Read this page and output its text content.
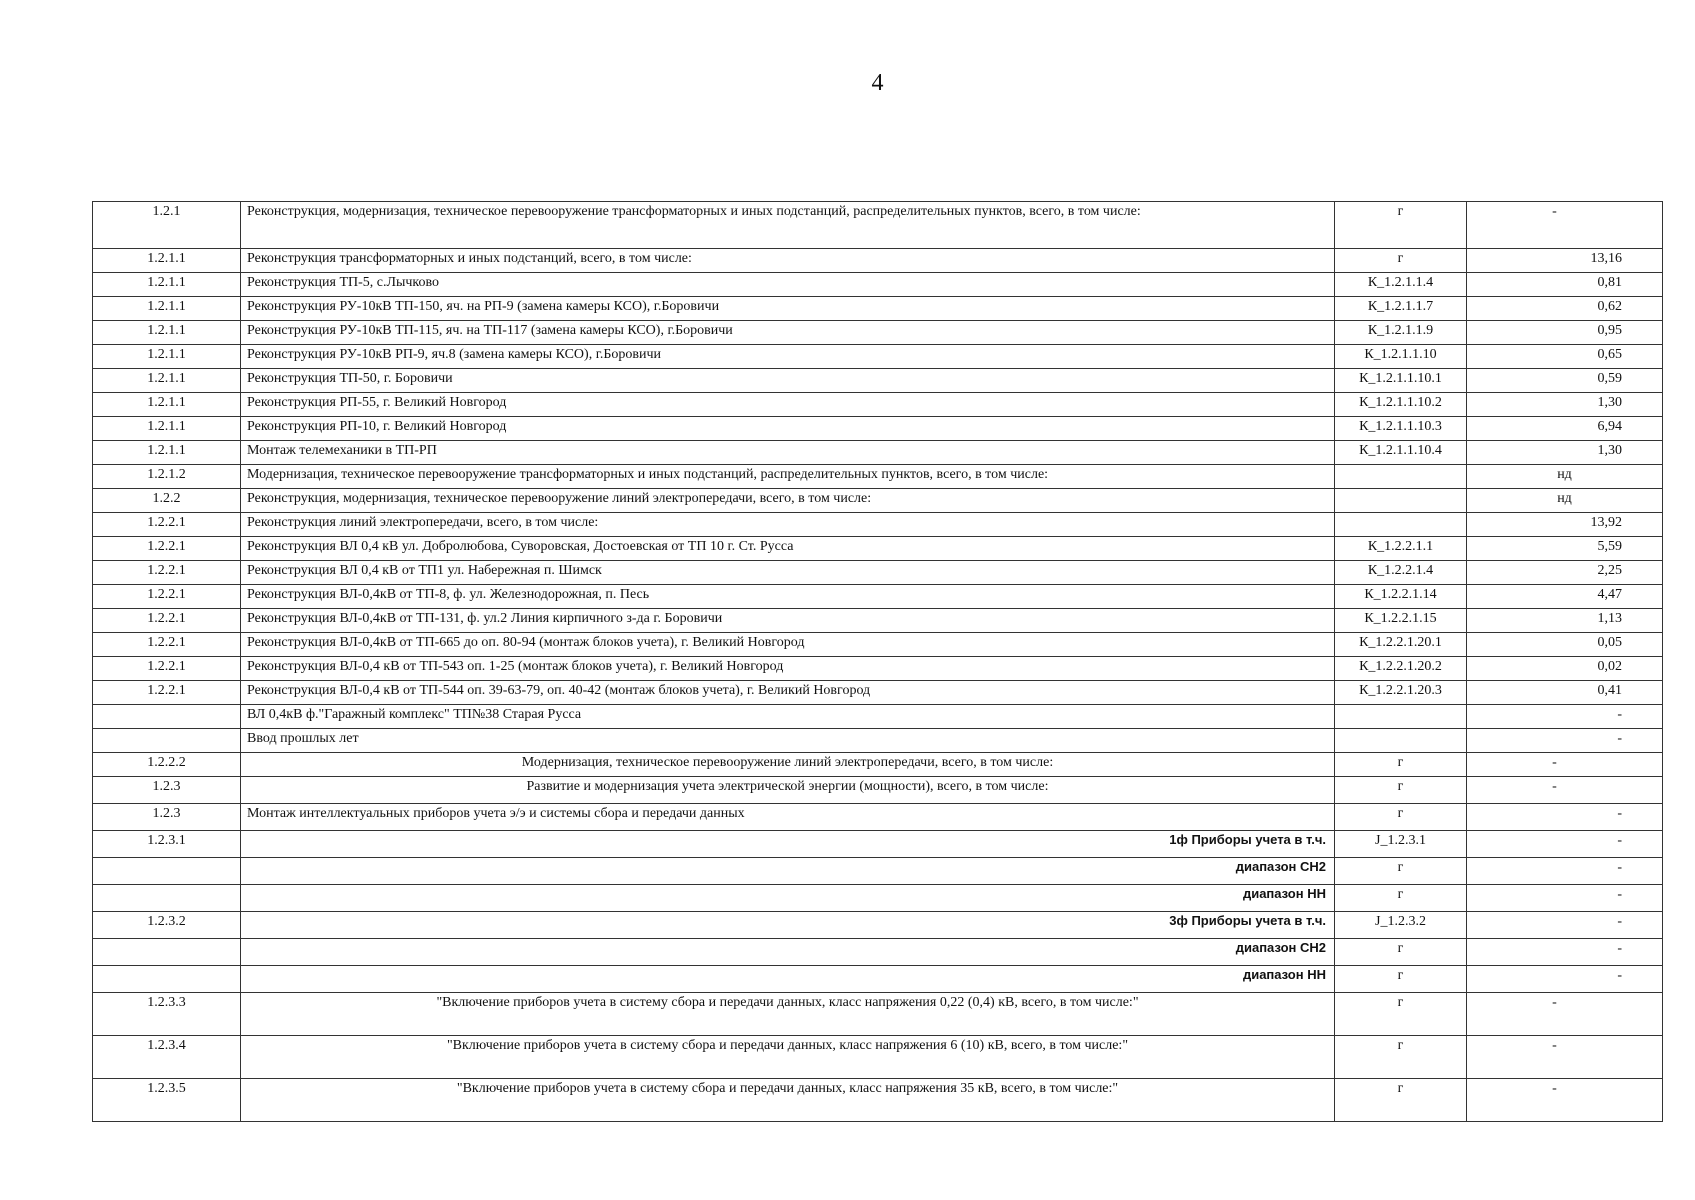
4
1.2.1	Реконструкция, модернизация, техническое перевооружение трансформаторных и иных подстанций, распределительных пунктов, всего, в том числе:	г	-
1.2.1.1	Реконструкция трансформаторных и иных подстанций, всего, в том числе:	г	13,16
1.2.1.1	Реконструкция ТП-5, с.Лычково	К_1.2.1.1.4	0,81
1.2.1.1	Реконструкция РУ-10кВ ТП-150, яч. на РП-9 (замена камеры КСО), г.Боровичи	К_1.2.1.1.7	0,62
1.2.1.1	Реконструкция РУ-10кВ ТП-115, яч. на ТП-117 (замена камеры КСО), г.Боровичи	К_1.2.1.1.9	0,95
1.2.1.1	Реконструкция РУ-10кВ РП-9, яч.8 (замена камеры КСО), г.Боровичи	К_1.2.1.1.10	0,65
1.2.1.1	Реконструкция ТП-50, г. Боровичи	К_1.2.1.1.10.1	0,59
1.2.1.1	Реконструкция РП-55, г. Великий Новгород	К_1.2.1.1.10.2	1,30
1.2.1.1	Реконструкция РП-10, г. Великий Новгород	К_1.2.1.1.10.3	6,94
1.2.1.1	Монтаж телемеханики в ТП-РП	К_1.2.1.1.10.4	1,30
1.2.1.2	Модернизация, техническое перевооружение трансформаторных и иных подстанций, распределительных пунктов, всего, в том числе:		нд
1.2.2	Реконструкция, модернизация, техническое перевооружение линий электропередачи, всего, в том числе:		нд
1.2.2.1	Реконструкция линий электропередачи, всего, в том числе:		13,92
1.2.2.1	Реконструкция ВЛ 0,4 кВ ул. Добролюбова, Суворовская, Достоевская от ТП 10 г. Ст. Русса	К_1.2.2.1.1	5,59
1.2.2.1	Реконструкция ВЛ 0,4 кВ от ТП1 ул. Набережная п. Шимск	К_1.2.2.1.4	2,25
1.2.2.1	Реконструкция ВЛ-0,4кВ от ТП-8, ф. ул. Железнодорожная, п. Песь	К_1.2.2.1.14	4,47
1.2.2.1	Реконструкция ВЛ-0,4кВ от ТП-131, ф. ул.2 Линия кирпичного з-да г. Боровичи	К_1.2.2.1.15	1,13
1.2.2.1	Реконструкция ВЛ-0,4кВ от ТП-665 до оп. 80-94 (монтаж блоков учета), г. Великий Новгород	К_1.2.2.1.20.1	0,05
1.2.2.1	Реконструкция ВЛ-0,4 кВ от ТП-543 оп. 1-25 (монтаж блоков учета), г. Великий Новгород	К_1.2.2.1.20.2	0,02
1.2.2.1	Реконструкция ВЛ-0,4 кВ от ТП-544 оп. 39-63-79, оп. 40-42 (монтаж блоков учета), г. Великий Новгород	К_1.2.2.1.20.3	0,41
	ВЛ 0,4кВ ф."Гаражный комплекс" ТП№38 Старая Русса		-
	Ввод прошлых лет		-
1.2.2.2	Модернизация, техническое перевооружение линий электропередачи, всего, в том числе:	г	-
1.2.3	Развитие и модернизация учета электрической энергии (мощности), всего, в том числе:	г	-
1.2.3	Монтаж интеллектуальных приборов учета э/э и системы сбора и передачи данных	г	-
1.2.3.1	1ф Приборы учета в т.ч.	J_1.2.3.1	-
	диапазон СН2	г	-
	диапазон НН	г	-
1.2.3.2	3ф Приборы учета в т.ч.	J_1.2.3.2	-
	диапазон СН2	г	-
	диапазон НН	г	-
1.2.3.3	"Включение приборов учета в систему сбора и передачи данных, класс напряжения 0,22 (0,4) кВ, всего, в том числе:"	г	-
1.2.3.4	"Включение приборов учета в систему сбора и передачи данных, класс напряжения 6 (10) кВ, всего, в том числе:"	г	-
1.2.3.5	"Включение приборов учета в систему сбора и передачи данных, класс напряжения 35 кВ, всего, в том числе:"	г	-
